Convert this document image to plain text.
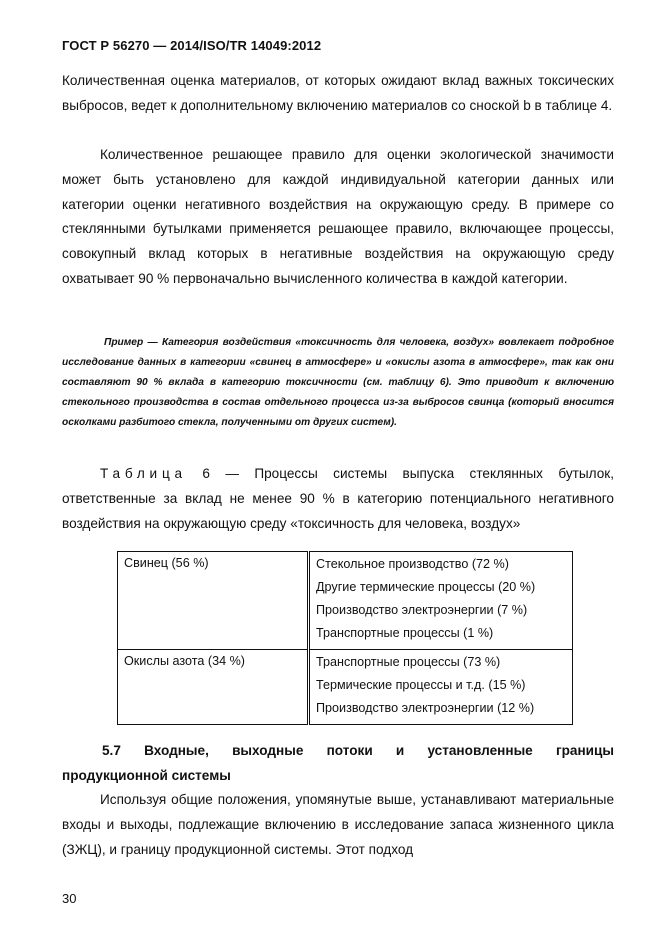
ГОСТ Р 56270 — 2014/ISO/TR 14049:2012
Количественная оценка материалов, от которых ожидают вклад важных токсических выбросов, ведет к дополнительному включению материалов со сноской b в таблице 4.
Количественное решающее правило для оценки экологической значимости может быть установлено для каждой индивидуальной категории данных или категории оценки негативного воздействия на окружающую среду. В примере со стеклянными бутылками применяется решающее правило, включающее процессы, совокупный вклад которых в негативные воздействия на окружающую среду охватывает 90 % первоначально вычисленного количества в каждой категории.
Пример — Категория воздействия «токсичность для человека, воздух» вовлекает подробное исследование данных в категории «свинец в атмосфере» и «окислы азота в атмосфере», так как они составляют 90 % вклада в категорию токсичности (см. таблицу 6). Это приводит к включению стекольного производства в состав отдельного процесса из-за выбросов свинца (который вносится осколками разбитого стекла, полученными от других систем).
Таблица 6 — Процессы системы выпуска стеклянных бутылок, ответственные за вклад не менее 90 % в категорию потенциального негативного воздействия на окружающую среду «токсичность для человека, воздух»
Свинец (56 %)	Стекольное производство (72 %)
Другие термические процессы (20 %)
Производство электроэнергии (7 %)
Транспортные процессы (1 %)

Окислы азота (34 %)	Транспортные процессы (73 %)
Термические процессы и т.д. (15 %)
Производство электроэнергии (12 %)
5.7 Входные, выходные потоки и установленные границы
продукционной системы
Используя общие положения, упомянутые выше, устанавливают материальные входы и выходы, подлежащие включению в исследование запаса жизненного цикла (ЗЖЦ), и границу продукционной системы. Этот подход
30
